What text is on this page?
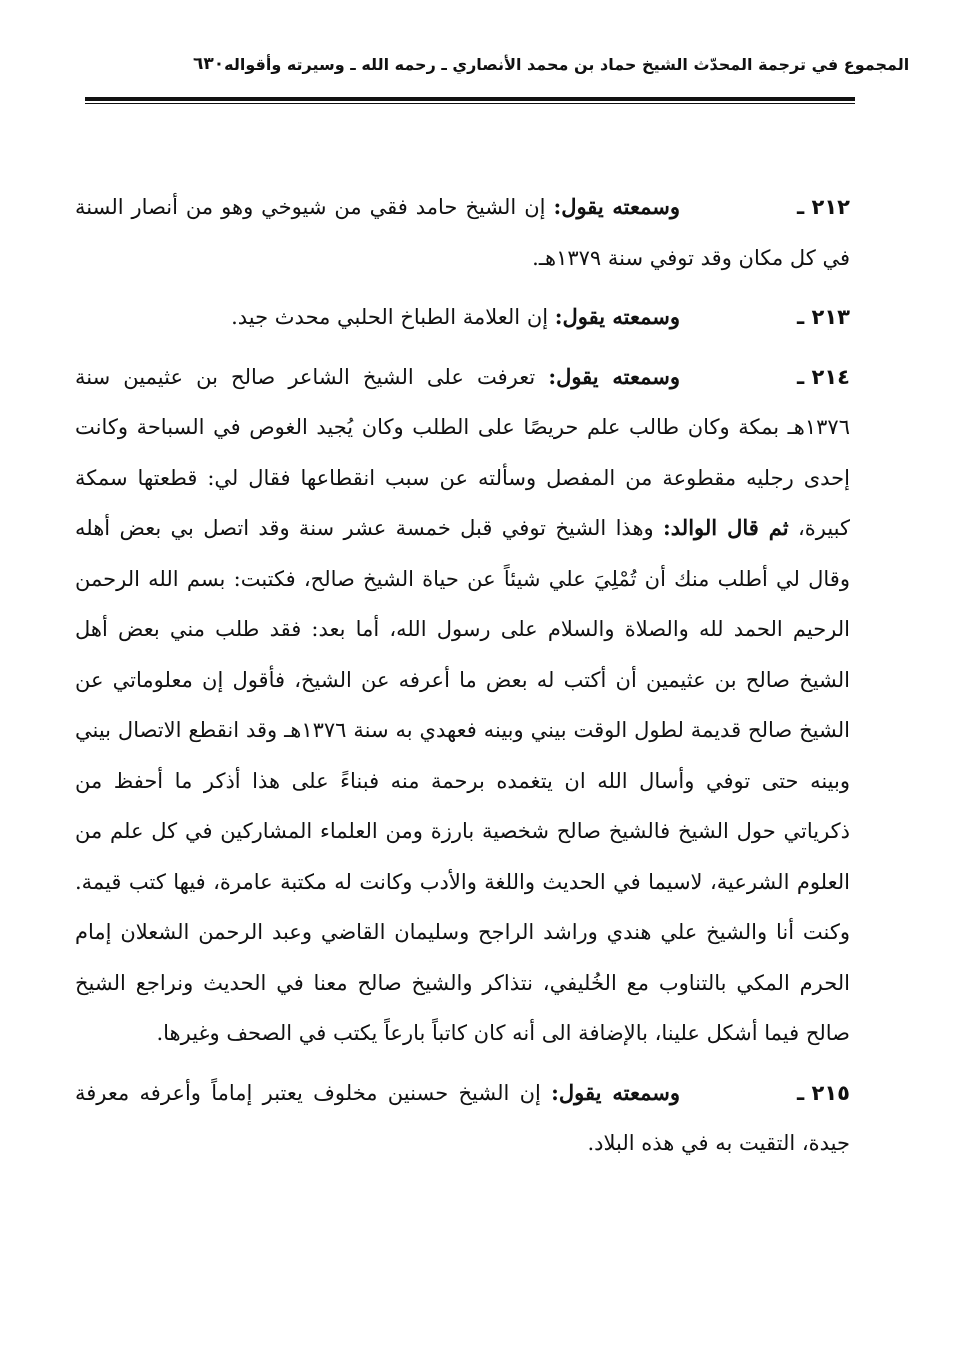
٦٣٠ المجموع في ترجمة المحدّث الشيخ حماد بن محمد الأنصاري ـ رحمه الله ـ وسيرته وأقواله

٢١٢ ـوسمعته يقول: إن الشيخ حامد فقي من شيوخي وهو من أنصار السنة في كل مكان وقد توفي سنة ١٣٧٩هـ.

٢١٣ ـوسمعته يقول: إن العلامة الطباخ الحلبي محدث جيد.

٢١٤ ـوسمعته يقول: تعرفت على الشيخ الشاعر صالح بن عثيمين سنة ١٣٧٦هـ بمكة وكان طالب علم حريصًا على الطلب وكان يُجيد الغوص في السباحة وكانت إحدى رجليه مقطوعة من المفصل وسألته عن سبب انقطاعها فقال لي: قطعتها سمكة كبيرة، ثم قال الوالد: وهذا الشيخ توفي قبل خمسة عشر سنة وقد اتصل بي بعض أهله وقال لي أطلب منك أن تُمْلِيَ علي شيئاً عن حياة الشيخ صالح، فكتبت: بسم الله الرحمن الرحيم الحمد لله والصلاة والسلام على رسول الله، أما بعد: فقد طلب مني بعض أهل الشيخ صالح بن عثيمين أن أكتب له بعض ما أعرفه عن الشيخ، فأقول إن معلوماتي عن الشيخ صالح قديمة لطول الوقت بيني وبينه فعهدي به سنة ١٣٧٦هـ وقد انقطع الاتصال بيني وبينه حتى توفي وأسال الله ان يتغمده برحمة منه فبناءً على هذا أذكر ما أحفظ من ذكرياتي حول الشيخ فالشيخ صالح شخصية بارزة ومن العلماء المشاركين في كل علم من العلوم الشرعية، لاسيما في الحديث واللغة والأدب وكانت له مكتبة عامرة، فيها كتب قيمة. وكنت أنا والشيخ علي هندي وراشد الراجح وسليمان القاضي وعبد الرحمن الشعلان إمام الحرم المكي بالتناوب مع الخُليفي، نتذاكر والشيخ صالح معنا في الحديث ونراجع الشيخ صالح فيما أشكل علينا، بالإضافة الى أنه كان كاتباً بارعاً يكتب في الصحف وغيرها.

٢١٥ ـوسمعته يقول: إن الشيخ حسنين مخلوف يعتبر إماماً وأعرفه معرفة جيدة، التقيت به في هذه البلاد.
